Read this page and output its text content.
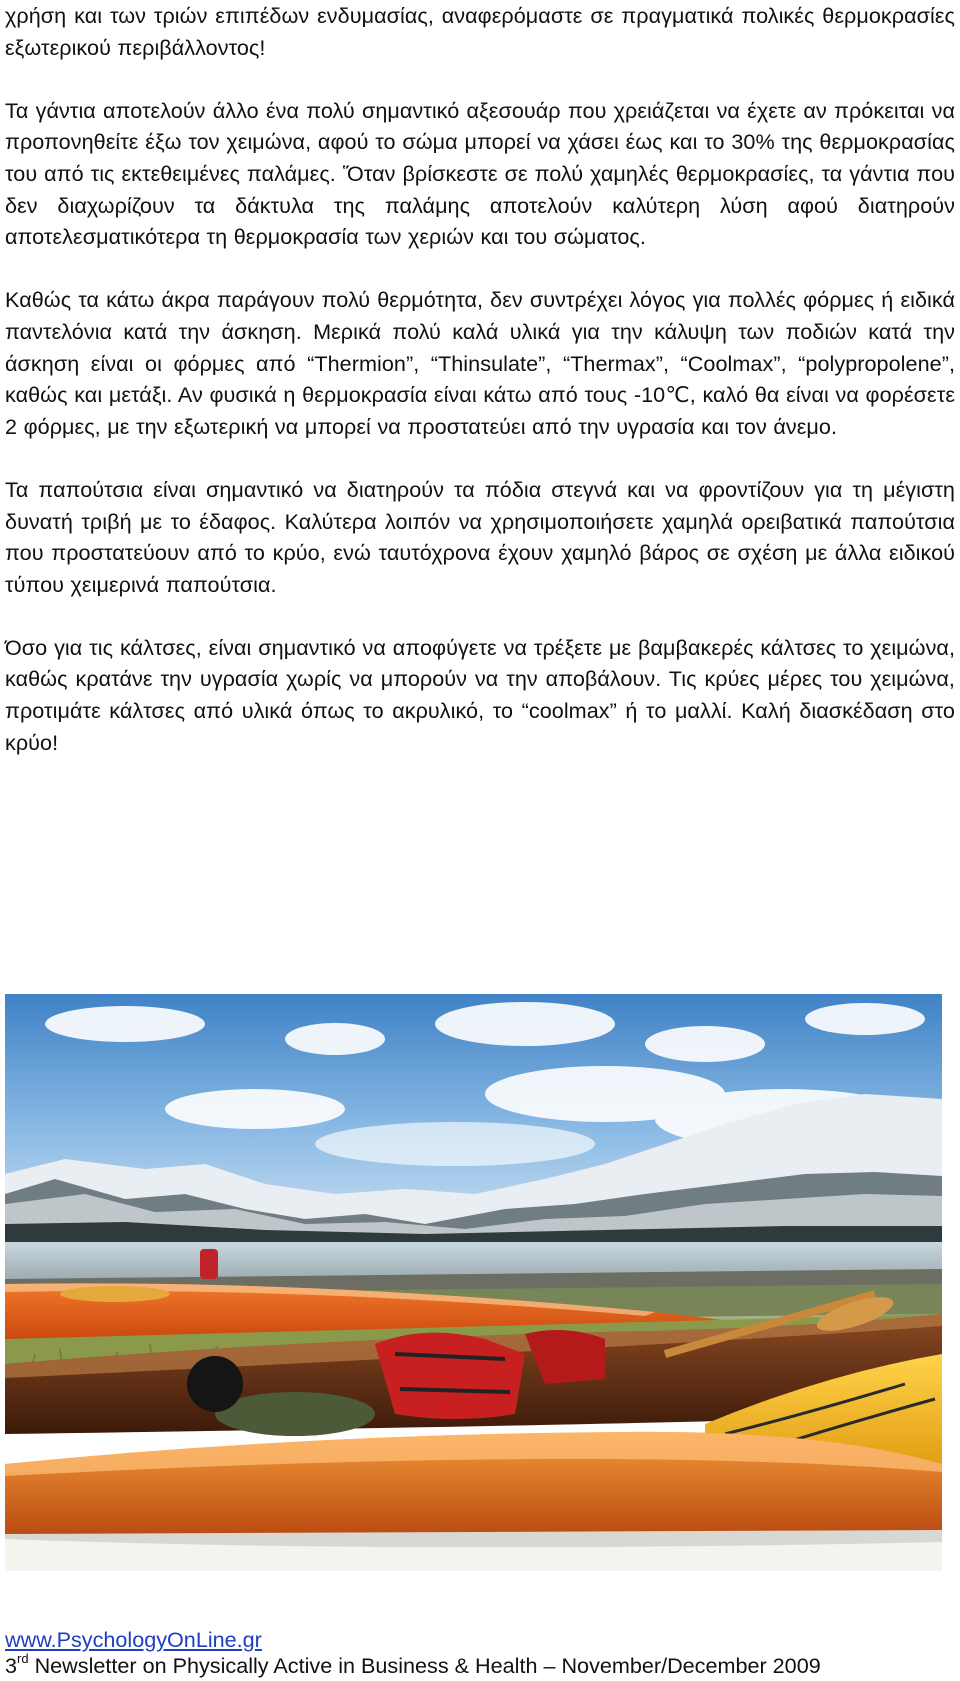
χρήση και των τριών επιπέδων ενδυμασίας, αναφερόμαστε σε πραγματικά πολικές θερμοκρασίες εξωτερικού περιβάλλοντος!

Τα γάντια αποτελούν άλλο ένα πολύ σημαντικό αξεσουάρ που χρειάζεται να έχετε αν πρόκειται να προπονηθείτε έξω τον χειμώνα, αφού το σώμα μπορεί να χάσει έως και το 30% της θερμοκρασίας του από τις εκτεθειμένες παλάμες. Ὅταν βρίσκεστε σε πολύ χαμηλές θερμοκρασίες, τα γάντια που δεν διαχωρίζουν τα δάκτυλα της παλάμης αποτελούν καλύτερη λύση αφού διατηρούν αποτελεσματικότερα τη θερμοκρασία των χεριών και του σώματος.

Καθώς τα κάτω άκρα παράγουν πολύ θερμότητα, δεν συντρέχει λόγος για πολλές φόρμες ή ειδικά παντελόνια κατά την άσκηση. Μερικά πολύ καλά υλικά για την κάλυψη των ποδιών κατά την άσκηση είναι οι φόρμες από “Thermion”, “Thinsulate”, “Thermax”, “Coolmax”, “polypropolene”, καθώς και μετάξι. Αν φυσικά η θερμοκρασία είναι κάτω από τους -10℃, καλό θα είναι να φορέσετε 2 φόρμες, με την εξωτερική να μπορεί να προστατεύει από την υγρασία και τον άνεμο.

Τα παπούτσια είναι σημαντικό να διατηρούν τα πόδια στεγνά και να φροντίζουν για τη μέγιστη δυνατή τριβή με το έδαφος. Καλύτερα λοιπόν να χρησιμοποιήσετε χαμηλά ορειβατικά παπούτσια που προστατεύουν από το κρύο, ενώ ταυτόχρονα έχουν χαμηλό βάρος σε σχέση με άλλα ειδικού τύπου χειμερινά παπούτσια.

Όσο για τις κάλτσες, είναι σημαντικό να αποφύγετε να τρέξετε με βαμβακερές κάλτσες το χειμώνα, καθώς κρατάνε την υγρασία χωρίς να μπορούν να την αποβάλουν. Τις κρύες μέρες του χειμώνα, προτιμάτε κάλτσες από υλικά όπως το ακρυλικό, το “coolmax” ή το μαλλί. Καλή διασκέδαση στο κρύο!

www.PsychologyOnLine.gr
3rd Newsletter on Physically Active in Business & Health – November/December 2009
